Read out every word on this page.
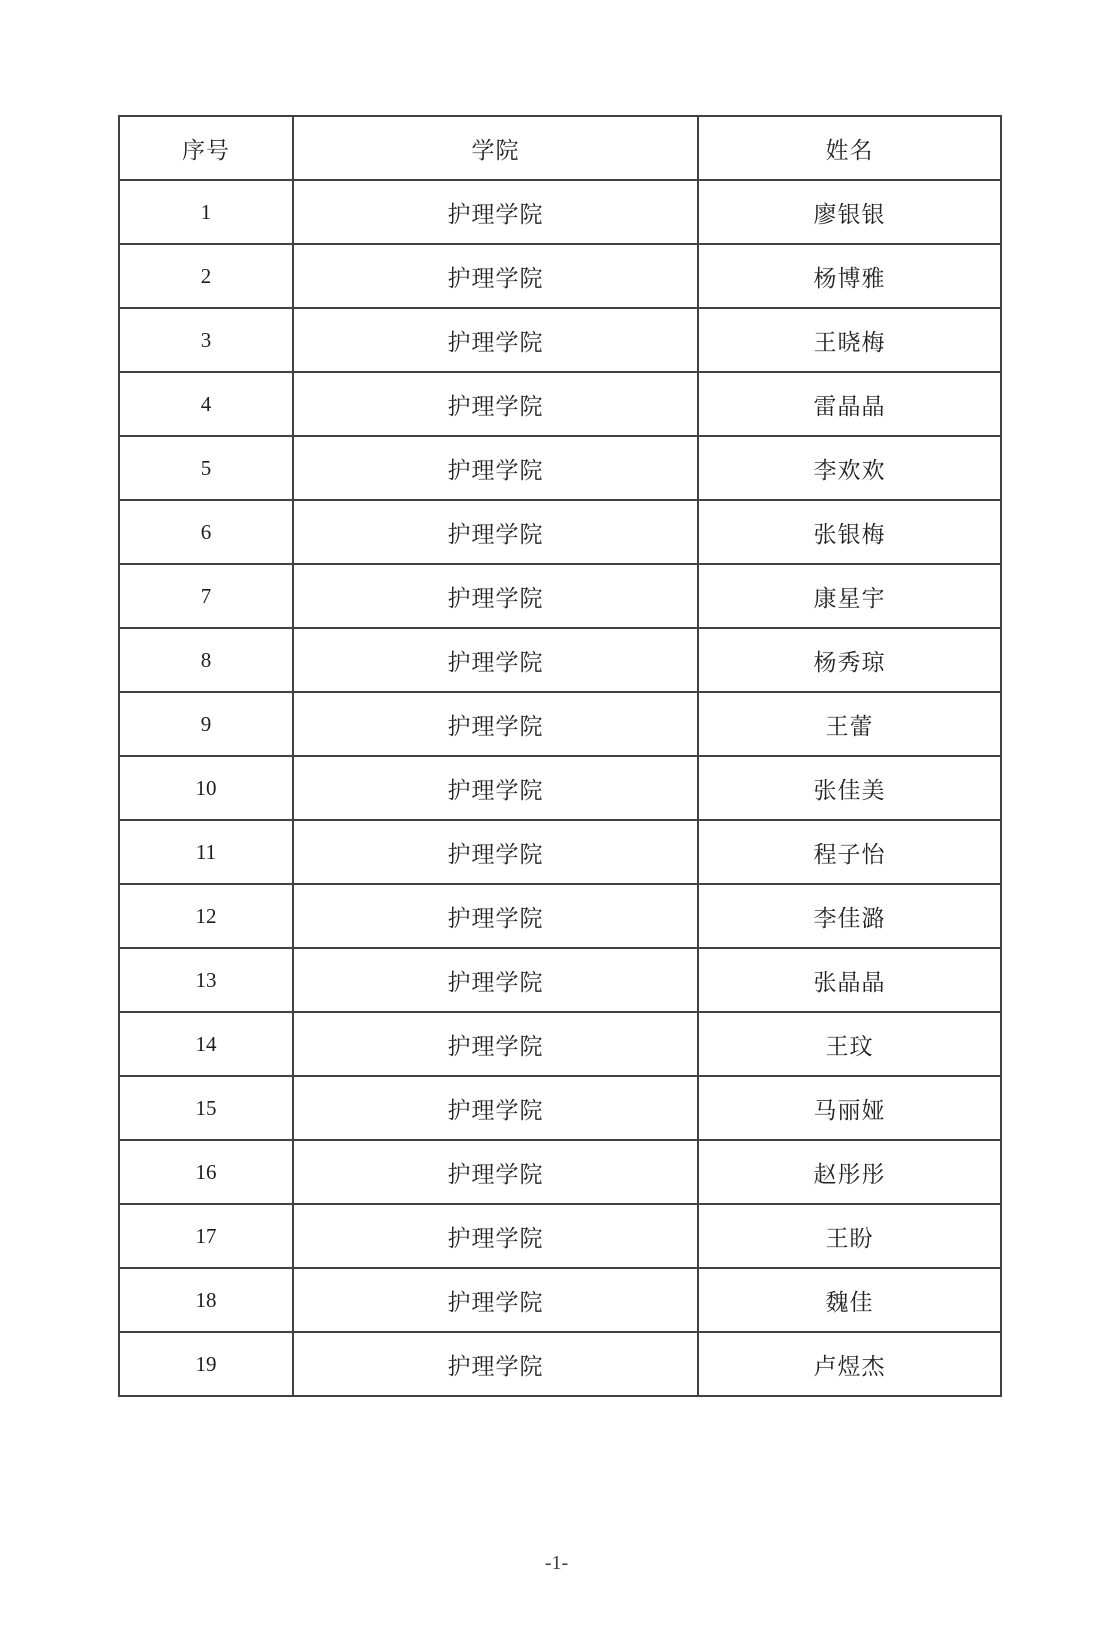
序号	学院	姓名
1	护理学院	廖银银
2	护理学院	杨博雅
3	护理学院	王晓梅
4	护理学院	雷晶晶
5	护理学院	李欢欢
6	护理学院	张银梅
7	护理学院	康星宇
8	护理学院	杨秀琼
9	护理学院	王蕾
10	护理学院	张佳美
11	护理学院	程子怡
12	护理学院	李佳潞
13	护理学院	张晶晶
14	护理学院	王玟
15	护理学院	马丽娅
16	护理学院	赵彤彤
17	护理学院	王盼
18	护理学院	魏佳
19	护理学院	卢煜杰
-1-
